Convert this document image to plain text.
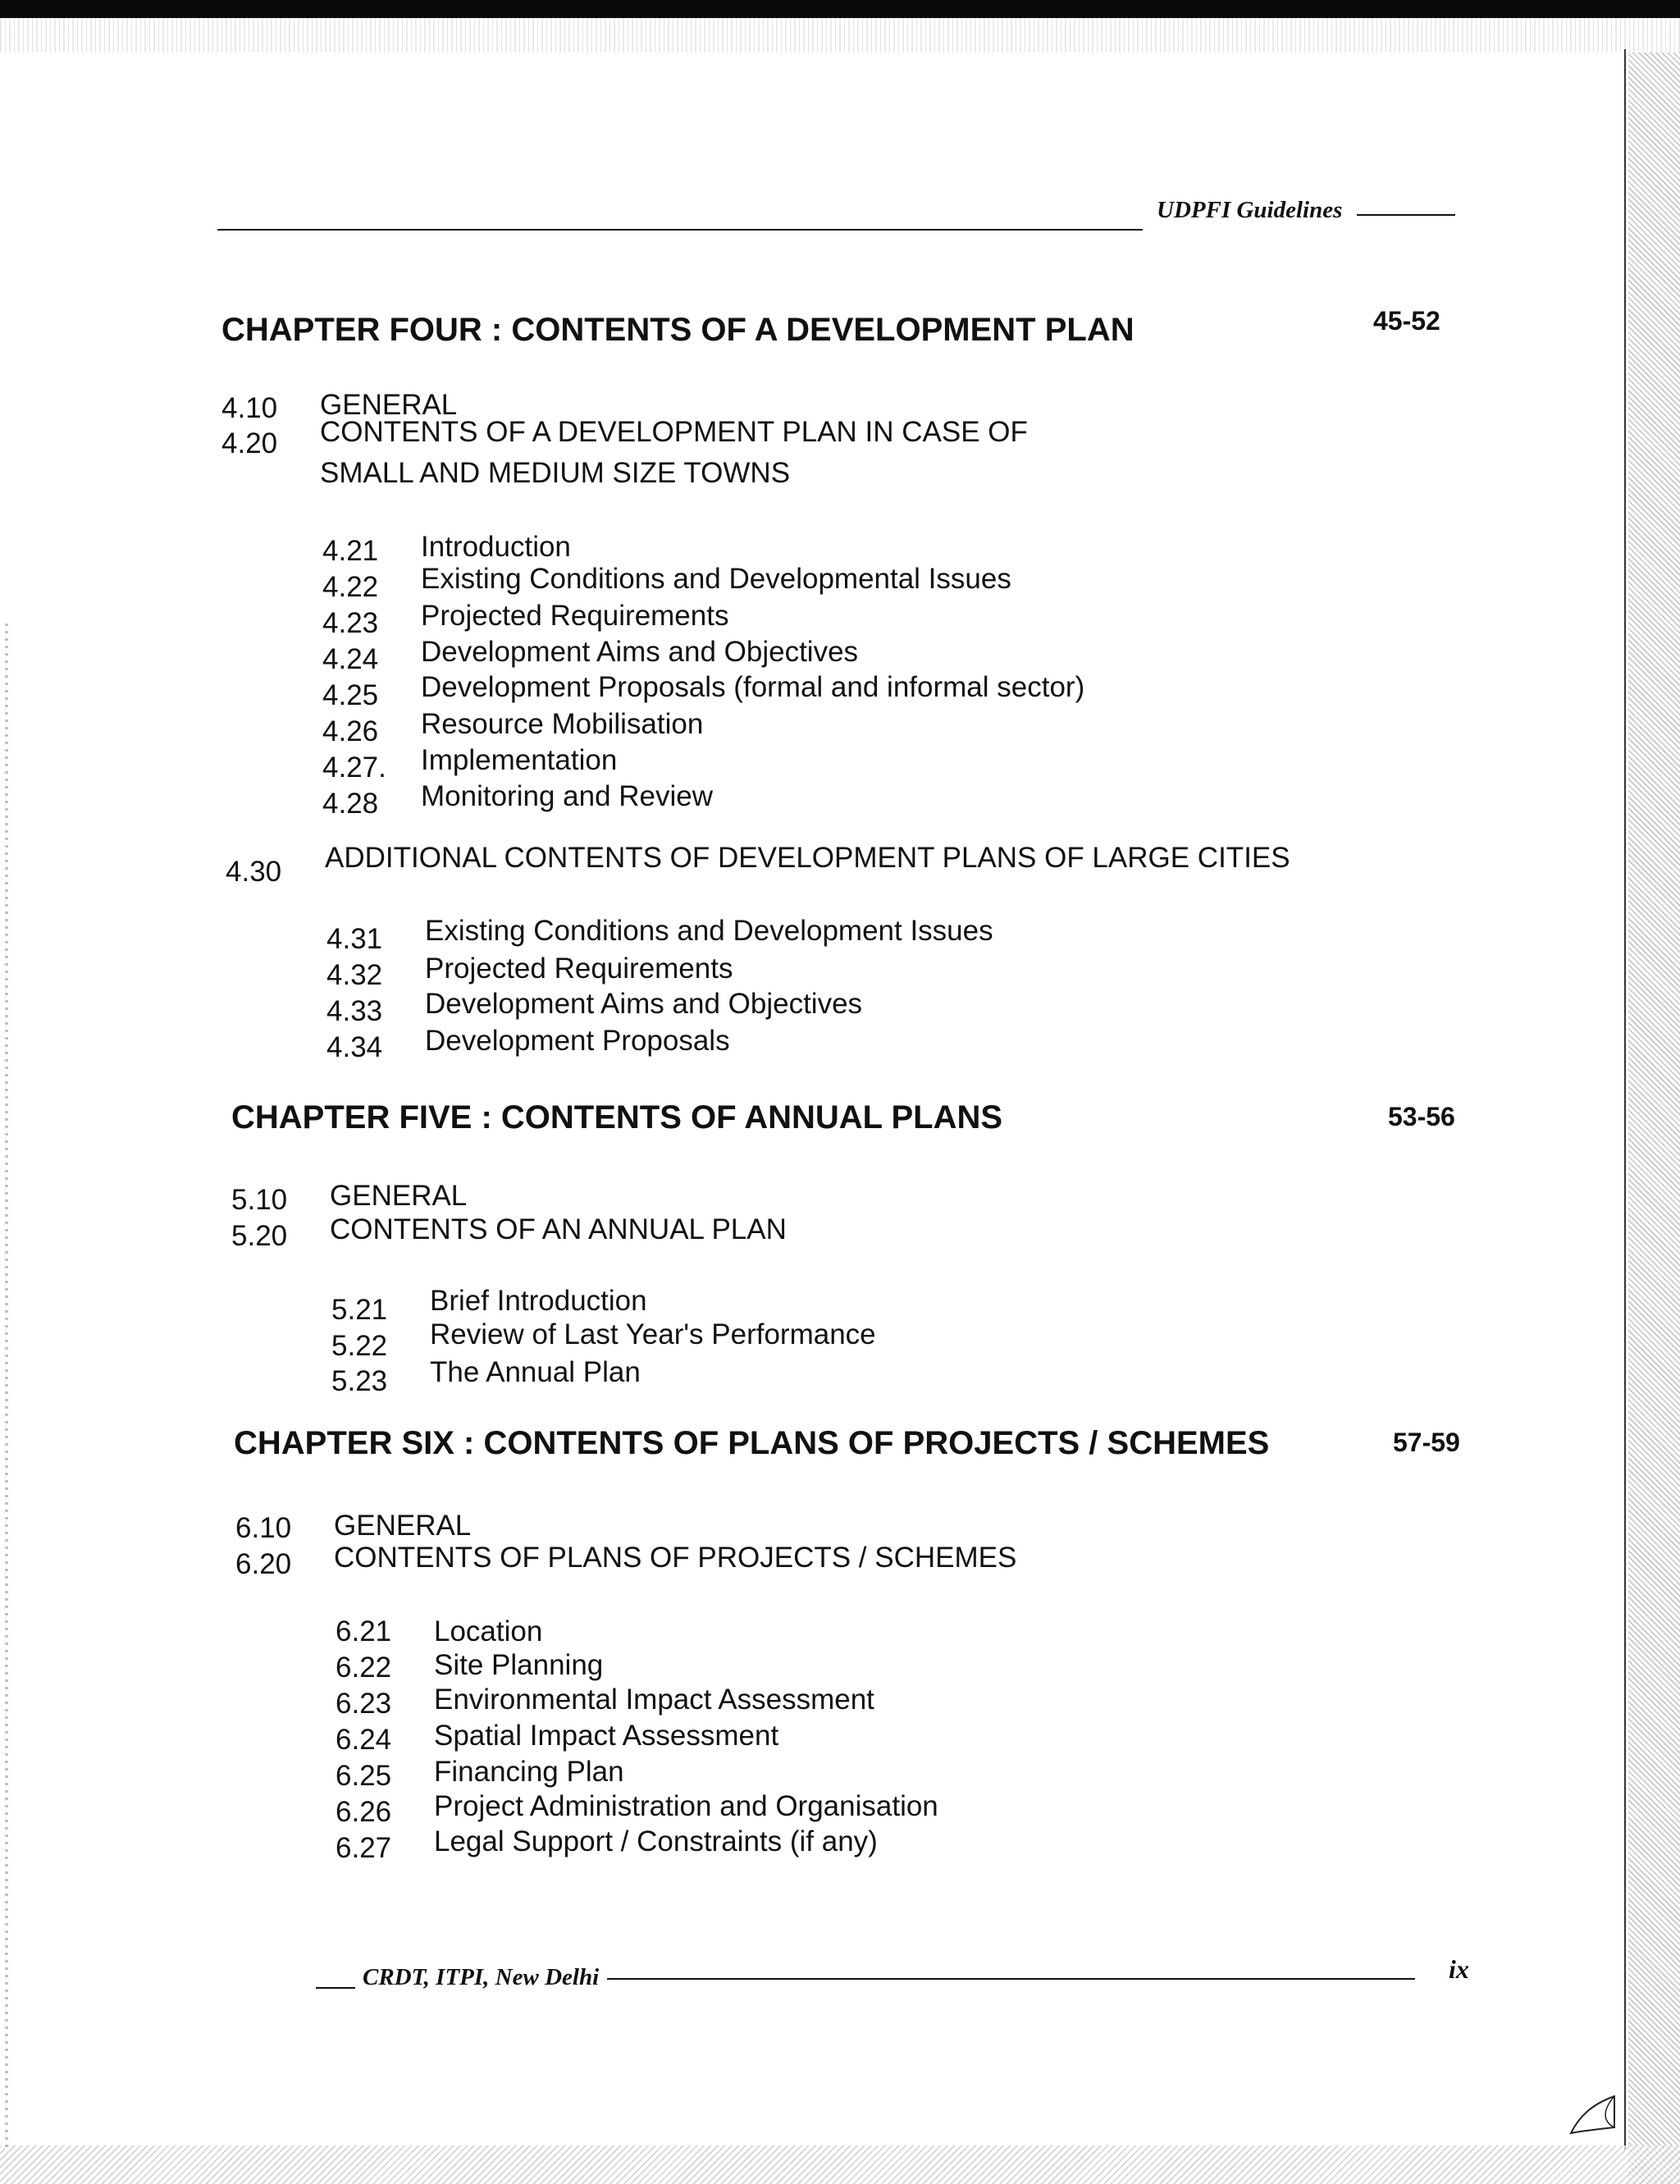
UDPFI Guidelines
CHAPTER FOUR : CONTENTS OF A DEVELOPMENT PLAN	45-52
4.10 GENERAL
4.20 CONTENTS OF A DEVELOPMENT PLAN IN CASE OF
SMALL AND MEDIUM SIZE TOWNS
4.21 Introduction
4.22 Existing Conditions and Developmental Issues
4.23 Projected Requirements
4.24 Development Aims and Objectives
4.25 Development Proposals (formal and informal sector)
4.26 Resource Mobilisation
4.27. Implementation
4.28 Monitoring and Review
4.30 ADDITIONAL CONTENTS OF DEVELOPMENT PLANS OF LARGE CITIES
4.31 Existing Conditions and Development Issues
4.32 Projected Requirements
4.33 Development Aims and Objectives
4.34 Development Proposals
CHAPTER FIVE : CONTENTS OF ANNUAL PLANS	53-56
5.10 GENERAL
5.20 CONTENTS OF AN ANNUAL PLAN
5.21 Brief Introduction
5.22 Review of Last Year's Performance
5.23 The Annual Plan
CHAPTER SIX : CONTENTS OF PLANS OF PROJECTS / SCHEMES	57-59
6.10 GENERAL
6.20 CONTENTS OF PLANS OF PROJECTS / SCHEMES
6.21 Location
6.22 Site Planning
6.23 Environmental Impact Assessment
6.24 Spatial Impact Assessment
6.25 Financing Plan
6.26 Project Administration and Organisation
6.27 Legal Support / Constraints (if any)
CRDT, ITPI, New Delhi	ix
